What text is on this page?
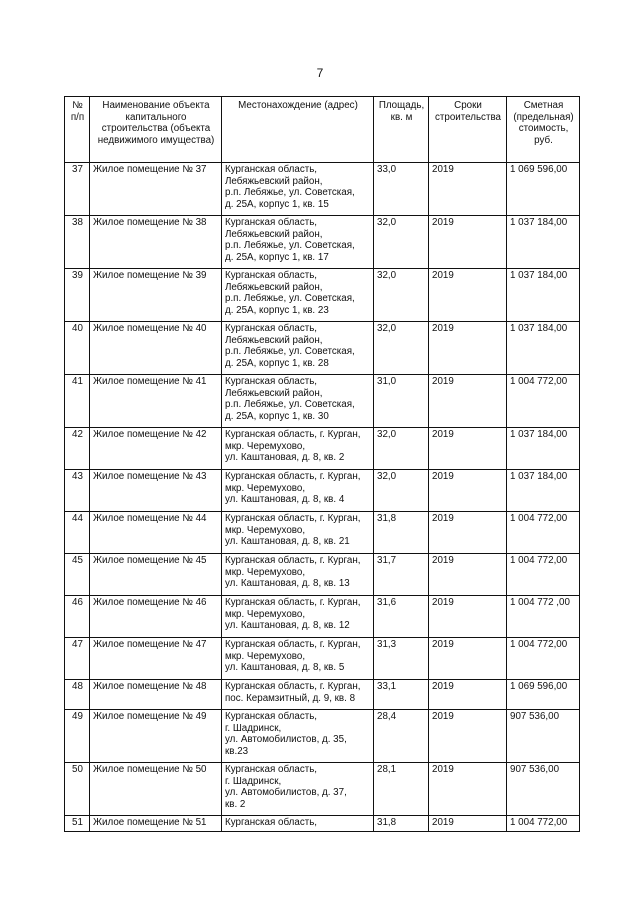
7
№
п/п	Наименование объекта капитального строительства (объекта недвижимого имущества)	Местонахождение (адрес)	Площадь, кв. м	Сроки строительства	Сметная (предельная) стоимость, руб.
37	Жилое помещение № 37	Курганская область,
Лебяжьевский район,
р.п. Лебяжье, ул. Советская,
д. 25А, корпус 1, кв. 15	33,0	2019	1 069 596,00
38	Жилое помещение № 38	Курганская область,
Лебяжьевский район,
р.п. Лебяжье, ул. Советская,
д. 25А, корпус 1, кв. 17	32,0	2019	1 037 184,00
39	Жилое помещение № 39	Курганская область,
Лебяжьевский район,
р.п. Лебяжье, ул. Советская,
д. 25А, корпус 1, кв. 23	32,0	2019	1 037 184,00
40	Жилое помещение № 40	Курганская область,
Лебяжьевский район,
р.п. Лебяжье, ул. Советская,
д. 25А, корпус 1, кв. 28	32,0	2019	1 037 184,00
41	Жилое помещение № 41	Курганская область,
Лебяжьевский район,
р.п. Лебяжье, ул. Советская,
д. 25А, корпус 1, кв. 30	31,0	2019	1 004 772,00
42	Жилое помещение № 42	Курганская область, г. Курган,
мкр. Черемухово,
ул. Каштановая, д. 8, кв. 2	32,0	2019	1 037 184,00
43	Жилое помещение № 43	Курганская область, г. Курган,
мкр. Черемухово,
ул. Каштановая, д. 8, кв. 4	32,0	2019	1 037 184,00
44	Жилое помещение № 44	Курганская область, г. Курган,
мкр. Черемухово,
ул. Каштановая, д. 8, кв. 21	31,8	2019	1 004 772,00
45	Жилое помещение № 45	Курганская область, г. Курган,
мкр. Черемухово,
ул. Каштановая, д. 8, кв. 13	31,7	2019	1 004 772,00
46	Жилое помещение № 46	Курганская область, г. Курган,
мкр. Черемухово,
ул. Каштановая, д. 8, кв. 12	31,6	2019	1 004 772 ,00
47	Жилое помещение № 47	Курганская область, г. Курган,
мкр. Черемухово,
ул. Каштановая, д. 8, кв. 5	31,3	2019	1 004 772,00
48	Жилое помещение № 48	Курганская область, г. Курган,
пос. Керамзитный, д. 9, кв. 8	33,1	2019	1 069 596,00
49	Жилое помещение № 49	Курганская область,
г. Шадринск,
ул. Автомобилистов, д. 35,
кв.23	28,4	2019	907 536,00
50	Жилое помещение № 50	Курганская область,
г. Шадринск,
ул. Автомобилистов, д. 37,
кв. 2	28,1	2019	907 536,00
51	Жилое помещение № 51	Курганская область,	31,8	2019	1 004 772,00
